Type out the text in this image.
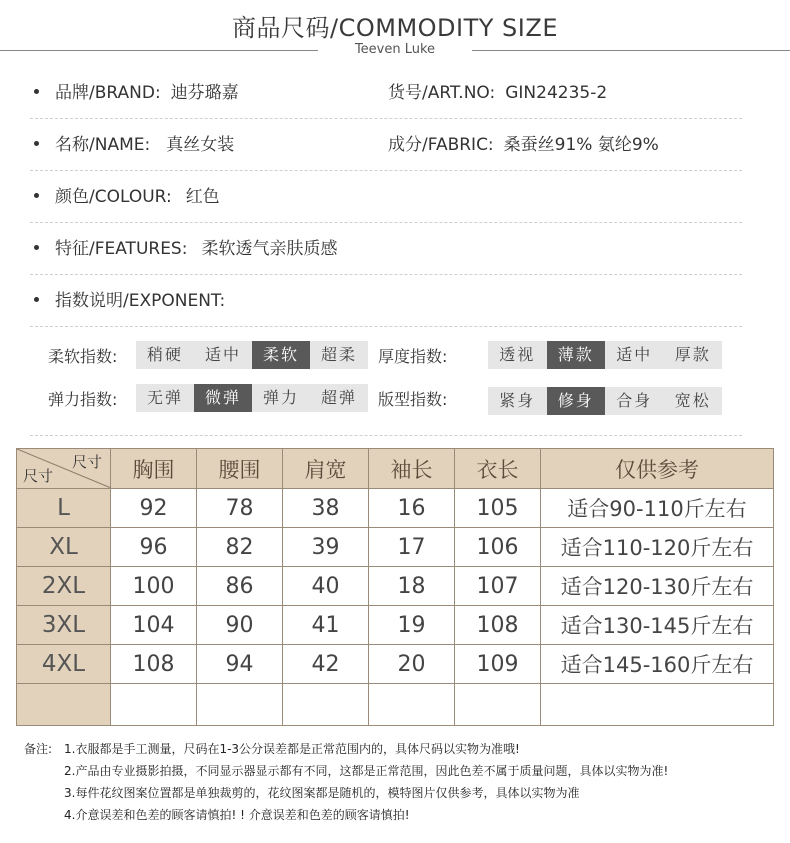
商品尺码/COMMODITY SIZE
Teeven Luke
品牌/BRAND: 迪芬璐嘉	货号/ART.NO: GIN24235-2
名称/NAME: 真丝女装	成分/FABRIC: 桑蚕丝91% 氨纶9%
颜色/COLOUR: 红色
特征/FEATURES: 柔软透气亲肤质感
指数说明/EXPONENT:
柔软指数:	稍硬	适中	柔软	超柔	厚度指数:	透视	薄款	适中	厚款
弹力指数:	无弹	微弹	弹力	超弹	版型指数:	紧身	修身	合身	宽松
尺寸
尺寸	胸围	腰围	肩宽	袖长	衣长	仅供参考
L	92	78	38	16	105	适合90-110斤左右
XL	96	82	39	17	106	适合110-120斤左右
2XL	100	86	40	18	107	适合120-130斤左右
3XL	104	90	41	19	108	适合130-145斤左右
4XL	108	94	42	20	109	适合145-160斤左右

备注: 1.衣服都是手工测量，尺码在1-3公分误差都是正常范围内的，具体尺码以实物为准哦!
2.产品由专业摄影拍摄，不同显示器显示都有不同，这都是正常范围，因此色差不属于质量问题，具体以实物为准!
3.每件花纹图案位置都是单独裁剪的，花纹图案都是随机的，模特图片仅供参考，具体以实物为准
4.介意误差和色差的顾客请慎拍! ! 介意误差和色差的顾客请慎拍!
